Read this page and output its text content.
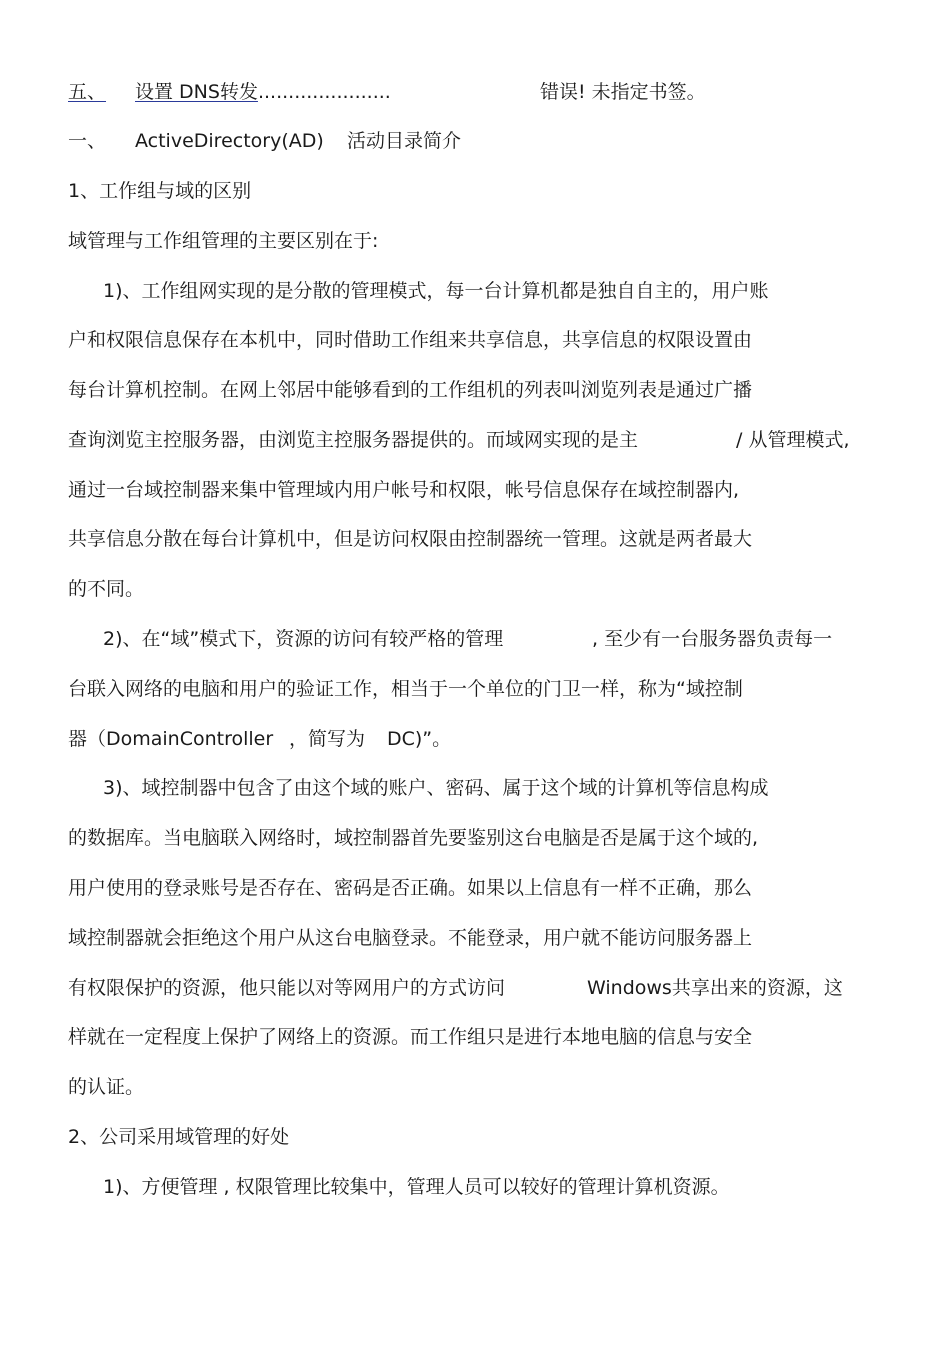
五、 设置 DNS转发......................	错误! 未指定书签。
一、 ActiveDirectory(AD) 活动目录简介
1、工作组与域的区别
域管理与工作组管理的主要区别在于:
1)、工作组网实现的是分散的管理模式，每一台计算机都是独自自主的，用户账
户和权限信息保存在本机中，同时借助工作组来共享信息，共享信息的权限设置由
每台计算机控制。在网上邻居中能够看到的工作组机的列表叫浏览列表是通过广播
查询浏览主控服务器，由浏览主控服务器提供的。而域网实现的是主	/ 从管理模式,
通过一台域控制器来集中管理域内用户帐号和权限，帐号信息保存在域控制器内,
共享信息分散在每台计算机中，但是访问权限由控制器统一管理。这就是两者最大
的不同。
2)、在“域”模式下，资源的访问有较严格的管理	, 至少有一台服务器负责每一
台联入网络的电脑和用户的验证工作，相当于一个单位的门卫一样，称为“域控制
器（DomainController ，简写为 DC)”。
3)、域控制器中包含了由这个域的账户、密码、属于这个域的计算机等信息构成
的数据库。当电脑联入网络时，域控制器首先要鉴别这台电脑是否是属于这个域的,
用户使用的登录账号是否存在、密码是否正确。如果以上信息有一样不正确，那么
域控制器就会拒绝这个用户从这台电脑登录。不能登录，用户就不能访问服务器上
有权限保护的资源，他只能以对等网用户的方式访问	Windows共享出来的资源，这
样就在一定程度上保护了网络上的资源。而工作组只是进行本地电脑的信息与安全
的认证。
2、公司采用域管理的好处
1)、方便管理 , 权限管理比较集中，管理人员可以较好的管理计算机资源。
